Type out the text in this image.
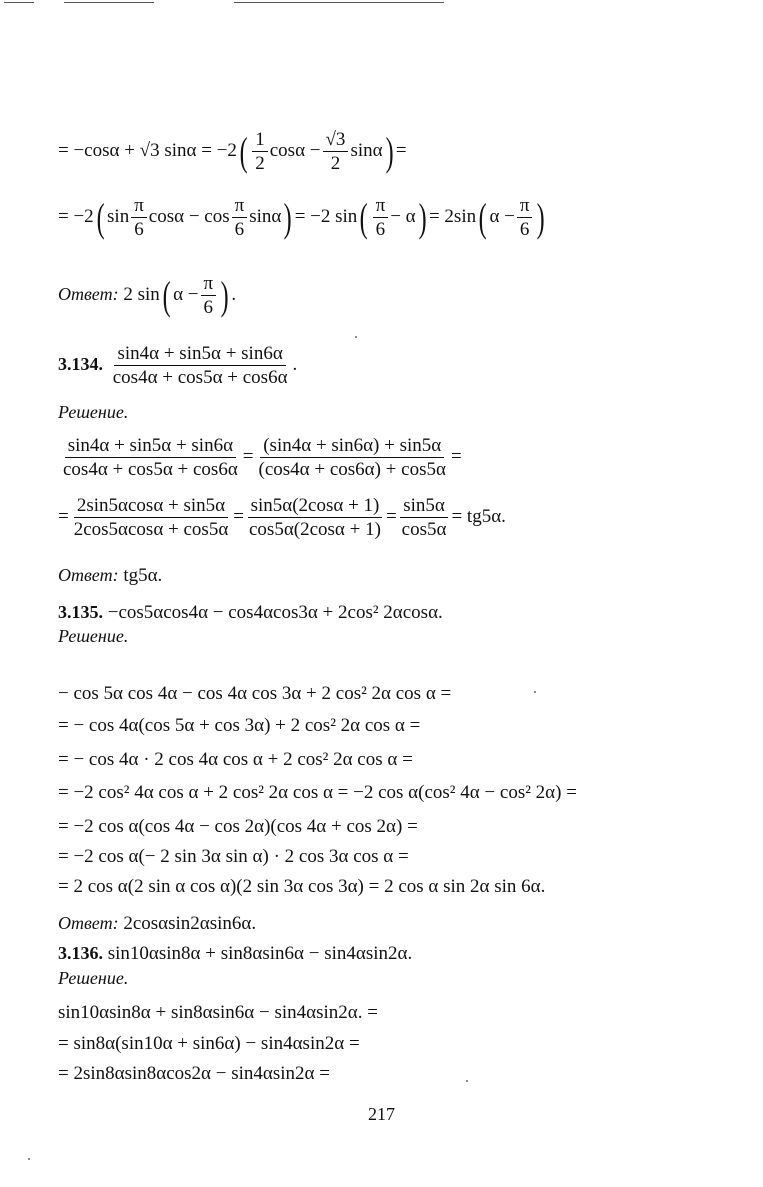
= −cosα + √3 $\sin\alpha = -2( \frac{1}{2}$ $\cos\alpha - \frac{√3}{2} \sin\alpha$) =
= −2( $\sin \frac{\pi}{6}$ $\cos\alpha - \cos \frac{\pi}{6} \sin\alpha) = -2$ $\sin( \frac{\pi}{6} - \alpha) = 2\sin$( $\alpha - \frac{\pi}{6}$ )
Ответ: 2 sin( $\alpha - \frac{\pi}{6}$ ) .
3.134. $\frac{\sin 4\alpha + \sin 5\alpha + \sin 6\alpha}{\cos 4\alpha + \cos 5\alpha + \cos 6\alpha}$ .
Решение.
$\frac{\sin 4\alpha + \sin 5\alpha + \sin 6\alpha}{\cos 4\alpha + \cos 5\alpha + \cos 6\alpha} = \frac{(\sin 4\alpha + \sin 6\alpha) + \sin 5\alpha}{(\cos 4\alpha + \cos 6\alpha) + \cos 5\alpha}$ =
= $\frac{2\sin 5\alpha\cos\alpha + \sin 5\alpha}{2\cos 5\alpha\cos\alpha + \cos 5\alpha} = \frac{\sin 5\alpha(2\cos\alpha + 1)}{\cos 5\alpha(2\cos\alpha + 1)} = \frac{\sin 5\alpha}{\cos 5\alpha} = tg5\alpha$.
Ответ: tg5α.
3.135. −cos5αcos4α − cos4αcos3α + 2cos² 2αcosα.
Решение.
− cos 5α cos 4α − cos 4α cos 3α + 2 cos² 2α cos α =
= − cos 4α(cos 5α + cos 3α) + 2 cos² 2α cos α =
= − cos 4α · 2 cos 4α cos α + 2 cos² 2α cos α =
= −2 cos² 4α cos α + 2 cos² 2α cos α = −2 cos α(cos² 4α − cos² 2α) =
= −2 cos α(cos 4α − cos 2α)(cos 4α + cos 2α) =
= −2 cos α(− 2 sin 3α sin α) · 2 cos 3α cos α =
= 2 cos α(2 sin α cos α)(2 sin 3α cos 3α) = 2 cos α sin 2α sin 6α.
Ответ: 2cosαsin2αsin6α.
3.136. sin10αsin8α + sin8αsin6α − sin4αsin2α.
Решение.
sin10αsin8α + sin8αsin6α − sin4αsin2α. =
= sin8α(sin10α + sin6α) − sin4αsin2α =
= 2sin8αsin8αcos2α − sin4αsin2α =
217
